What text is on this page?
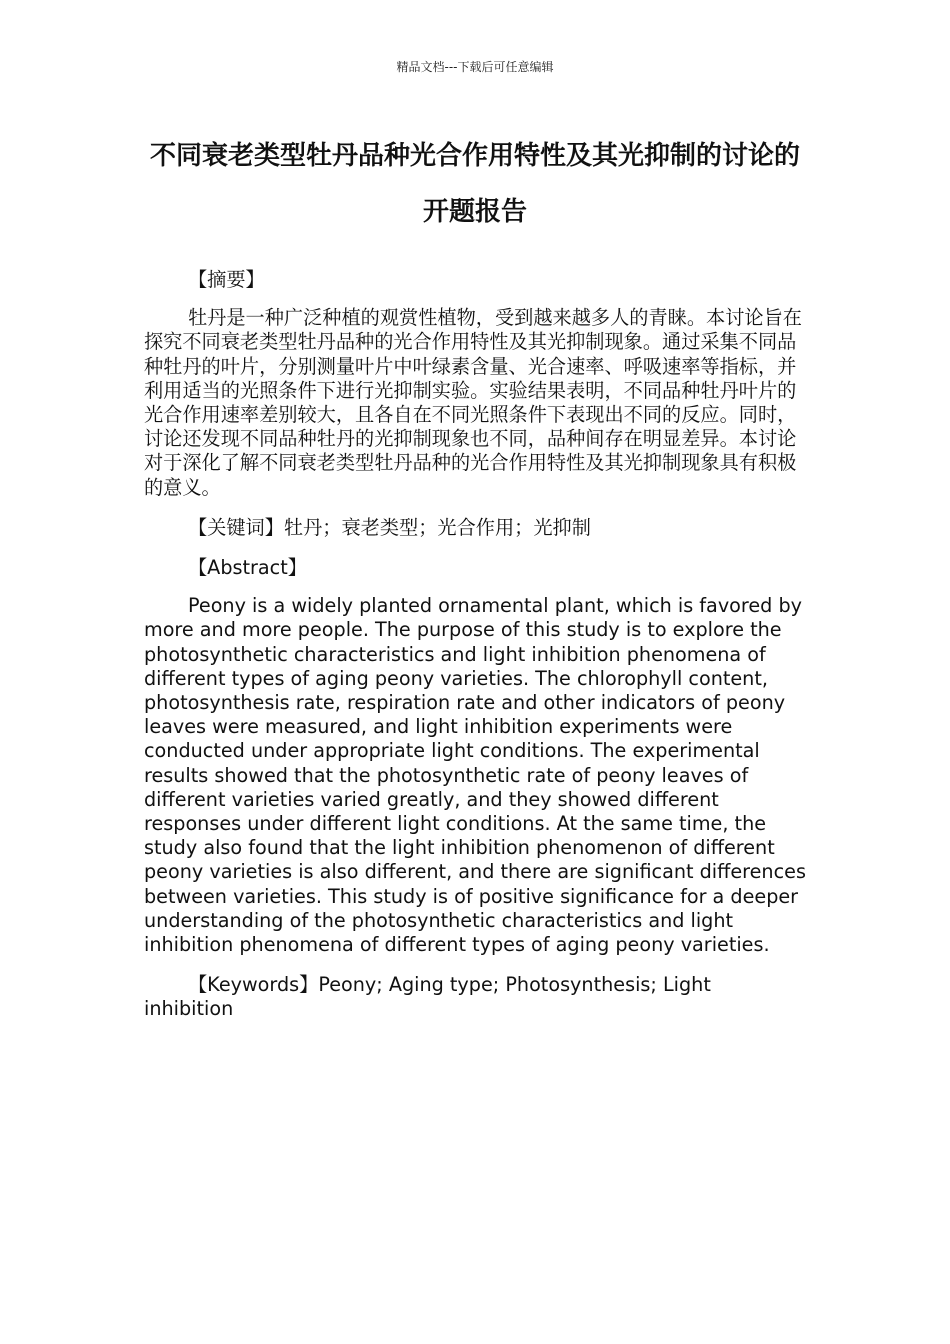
精品文档---下载后可任意编辑
不同衰老类型牡丹品种光合作用特性及其光抑制的讨论的开题报告

【摘要】

牡丹是一种广泛种植的观赏性植物，受到越来越多人的青睐。本讨论旨在探究不同衰老类型牡丹品种的光合作用特性及其光抑制现象。通过采集不同品种牡丹的叶片，分别测量叶片中叶绿素含量、光合速率、呼吸速率等指标，并利用适当的光照条件下进行光抑制实验。实验结果表明，不同品种牡丹叶片的光合作用速率差别较大，且各自在不同光照条件下表现出不同的反应。同时，讨论还发现不同品种牡丹的光抑制现象也不同，品种间存在明显差异。本讨论对于深化了解不同衰老类型牡丹品种的光合作用特性及其光抑制现象具有积极的意义。

【关键词】牡丹；衰老类型；光合作用；光抑制

【Abstract】

Peony is a widely planted ornamental plant, which is favored by more and more people. The purpose of this study is to explore the photosynthetic characteristics and light inhibition phenomena of different types of aging peony varieties. The chlorophyll content, photosynthesis rate, respiration rate and other indicators of peony leaves were measured, and light inhibition experiments were conducted under appropriate light conditions. The experimental results showed that the photosynthetic rate of peony leaves of different varieties varied greatly, and they showed different responses under different light conditions. At the same time, the study also found that the light inhibition phenomenon of different peony varieties is also different, and there are significant differences between varieties. This study is of positive significance for a deeper understanding of the photosynthetic characteristics and light inhibition phenomena of different types of aging peony varieties.

【Keywords】Peony; Aging type; Photosynthesis; Light inhibition
